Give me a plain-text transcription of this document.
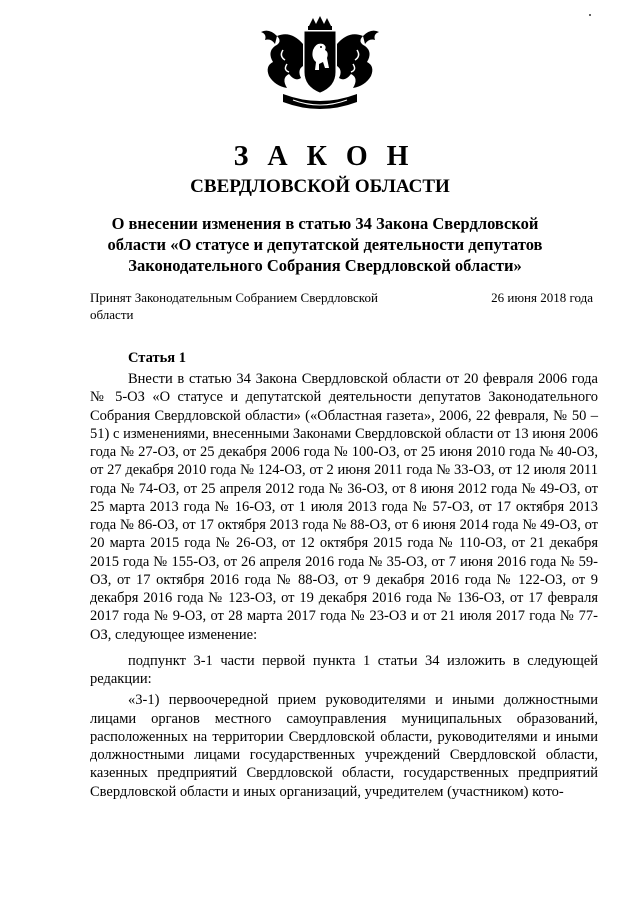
З А К О Н
СВЕРДЛОВСКОЙ ОБЛАСТИ
О внесении изменения в статью 34 Закона Свердловской области «О статусе и депутатской деятельности депутатов Законодательного Собрания Свердловской области»
Принят Законодательным Собранием Свердловской области
26 июня 2018 года
Статья 1

Внести в статью 34 Закона Свердловской области от 20 февраля 2006 года № 5-ОЗ «О статусе и депутатской деятельности депутатов Законодательного Собрания Свердловской области» («Областная газета», 2006, 22 февраля, № 50 – 51) с изменениями, внесенными Законами Свердловской области от 13 июня 2006 года № 27-ОЗ, от 25 декабря 2006 года № 100-ОЗ, от 25 июня 2010 года № 40-ОЗ, от 27 декабря 2010 года № 124-ОЗ, от 2 июня 2011 года № 33-ОЗ, от 12 июля 2011 года № 74-ОЗ, от 25 апреля 2012 года № 36-ОЗ, от 8 июня 2012 года № 49-ОЗ, от 25 марта 2013 года № 16-ОЗ, от 1 июля 2013 года № 57-ОЗ, от 17 октября 2013 года № 86-ОЗ, от 17 октября 2013 года № 88-ОЗ, от 6 июня 2014 года № 49-ОЗ, от 20 марта 2015 года № 26-ОЗ, от 12 октября 2015 года № 110-ОЗ, от 21 декабря 2015 года № 155-ОЗ, от 26 апреля 2016 года № 35-ОЗ, от 7 июня 2016 года № 59-ОЗ, от 17 октября 2016 года № 88-ОЗ, от 9 декабря 2016 года № 122-ОЗ, от 9 декабря 2016 года № 123-ОЗ, от 19 декабря 2016 года № 136-ОЗ, от 17 февраля 2017 года № 9-ОЗ, от 28 марта 2017 года № 23-ОЗ и от 21 июля 2017 года № 77-ОЗ, следующее изменение:

подпункт 3-1 части первой пункта 1 статьи 34 изложить в следующей редакции:

«3-1) первоочередной прием руководителями и иными должностными лицами органов местного самоуправления муниципальных образований, расположенных на территории Свердловской области, руководителями и иными должностными лицами государственных учреждений Свердловской области, казенных предприятий Свердловской области, государственных предприятий Свердловской области и иных организаций, учредителем (участником) кото-
